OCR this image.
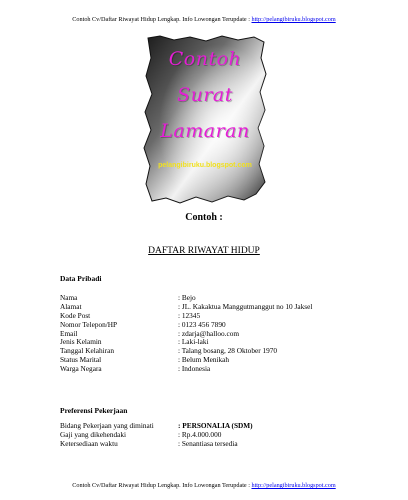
Contoh Cv/Daftar Riwayat Hidup Lengkap. Info Lowongan Terupdate : http://pelangibiruku.blogspot.com
Contoh
Surat
Lamaran
pelangibiruku.blogspot.com
Contoh :
DAFTAR RIWAYAT HIDUP
Data Pribadi
Nama	: Bejo
Alamat	: JL. Kakaktua Manggutmanggut no 10 Jaksel
Kode Post	: 12345
Nomor Telepon/HP	: 0123 456 7890
Email	: zdarja@halloo.com
Jenis Kelamin	: Laki-laki
Tanggal Kelahiran	: Talang bosang, 28 Oktober 1970
Status Marital	: Belum Menikah
Warga Negara	: Indonesia
Preferensi Pekerjaan
Bidang Pekerjaan yang diminati	: PERSONALIA (SDM)
Gaji yang dikehendaki	: Rp.4.000.000
Ketersediaan waktu	: Senantiasa tersedia
Contoh Cv/Daftar Riwayat Hidup Lengkap. Info Lowongan Terupdate : http://pelangibiruku.blogspot.com
